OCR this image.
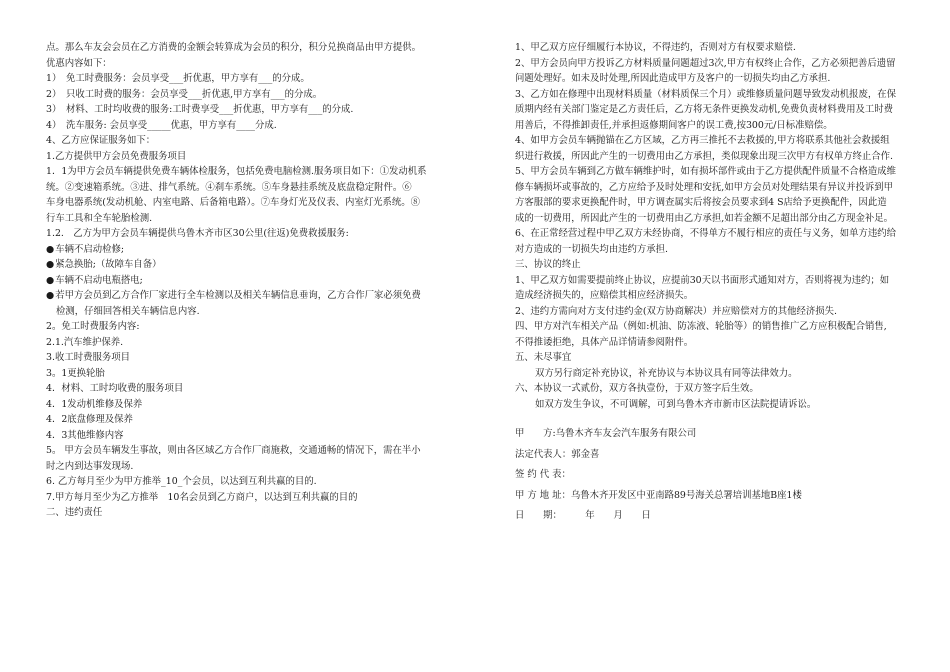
点。那么车友会会员在乙方消费的金额会转算成为会员的积分，积分兑换商品由甲方提供。
优惠内容如下：
1）　免工时费服务：会员享受___折优惠，甲方享有___的分成。
2）　只收工时费的服务：会员享受___折优惠,甲方享有___的分成。
3）　材料、工时均收费的服务:工时费享受___折优惠，甲方享有___的分成.
4）　洗车服务: 会员享受_____优惠，甲方享有____分成.
4、乙方应保证服务如下：
1.乙方提供甲方会员免费服务项目
1．1为甲方会员车辆提供免费车辆体检服务，包括免费电脑检测.服务项目如下：①发动机系
统。②变速箱系统。③进、排气系统。④刹车系统。⑤车身悬挂系统及底盘稳定附件。⑥
车身电器系统(发动机舱、内室电路、后备箱电路）。⑦车身灯光及仪表、内室灯光系统。⑧
行车工具和全车轮胎检测.
1.2.　乙方为甲方会员车辆提供乌鲁木齐市区30公里(往返)免费救援服务:
● 车辆不启动检修;
● 紧急换胎;（故障车自备）
● 车辆不启动电瓶搭电;
● 若甲方会员到乙方合作厂家进行全车检测以及相关车辆信息垂询，乙方合作厂家必须免费
检测，仔细回答相关车辆信息内容.
2。免工时费服务内容:
2.1.汽车维护保养.
3.收工时费服务项目
3。1更换轮胎
4．材料、工时均收费的服务项目
4．1发动机维修及保养
4．2底盘修理及保养
4．3其他维修内容
5。 甲方会员车辆发生事故，则由各区域乙方合作厂商施救，交通通畅的情况下，需在半小
时之内到达事发现场.
6. 乙方每月至少为甲方推举_10_个会员，以达到互利共赢的目的.
7.甲方每月至少为乙方推举　10名会员到乙方商户，以达到互利共赢的目的
二、违约责任
1、甲乙双方应仔细履行本协议，不得违约，否则对方有权要求赔偿.
2、甲方会员向甲方投诉乙方材料质量问题超过3次,甲方有权终止合作，乙方必须把善后遗留
问题处理好。如未及时处理,所因此造成甲方及客户的一切损失均由乙方承担.
3、乙方如在修理中出现材料质量（材料质保三个月）或维修质量问题导致发动机报废，在保
质期内经有关部门鉴定是乙方责任后，乙方将无条件更换发动机,免费负责材料费用及工时费
用善后，不得推卸责任,并承担返修期间客户的误工费,按300元/日标准赔偿。
4、如甲方会员车辆抛锚在乙方区域，乙方再三推托不去救援的,甲方将联系其他社会救援组
织进行救援，所因此产生的一切费用由乙方承担，类似现象出现三次甲方有权单方终止合作.
5、甲方会员车辆到乙方做车辆维护时，如有损坏部件或由于乙方提供配件质量不合格造成维
修车辆损坏或事故的，乙方应给予及时处理和安抚,如甲方会员对处理结果有异议并投诉到甲
方客服部的要求更换配件时，甲方调查属实后将按会员要求到4 S店给予更换配件，因此造
成的一切费用，所因此产生的一切费用由乙方承担,如若金额不足超出部分由乙方现金补足。
6、在正常经营过程中甲乙双方未经协商，不得单方不履行相应的责任与义务，如单方违约给
对方造成的一切损失均由违约方承担.
三、协议的终止
1、甲乙双方如需要提前终止协议，应提前30天以书面形式通知对方，否则将视为违约；如
造成经济损失的，应赔偿其相应经济损失。
2、违约方需向对方支付违约金(双方协商解决）并应赔偿对方的其他经济损失.
四、甲方对汽车相关产品（例如:机油、防冻液、轮胎等）的销售推广乙方应积极配合销售,
不得推诿拒绝，具体产品详情请参阅附件。
五、未尽事宜
双方另行商定补充协议，补充协议与本协议具有同等法律效力。
六、本协议一式贰份，双方各执壹份，于双方签字后生效。
如双方发生争议，不可调解，可到乌鲁木齐市新市区法院提请诉讼。
甲　　方:乌鲁木齐车友会汽车服务有限公司
法定代表人：郭金喜
签 约 代 表：
甲 方 地 址：乌鲁木齐开发区中亚南路89号海关总署培训基地B座1楼
日　　期：　　　年　　月　　日
